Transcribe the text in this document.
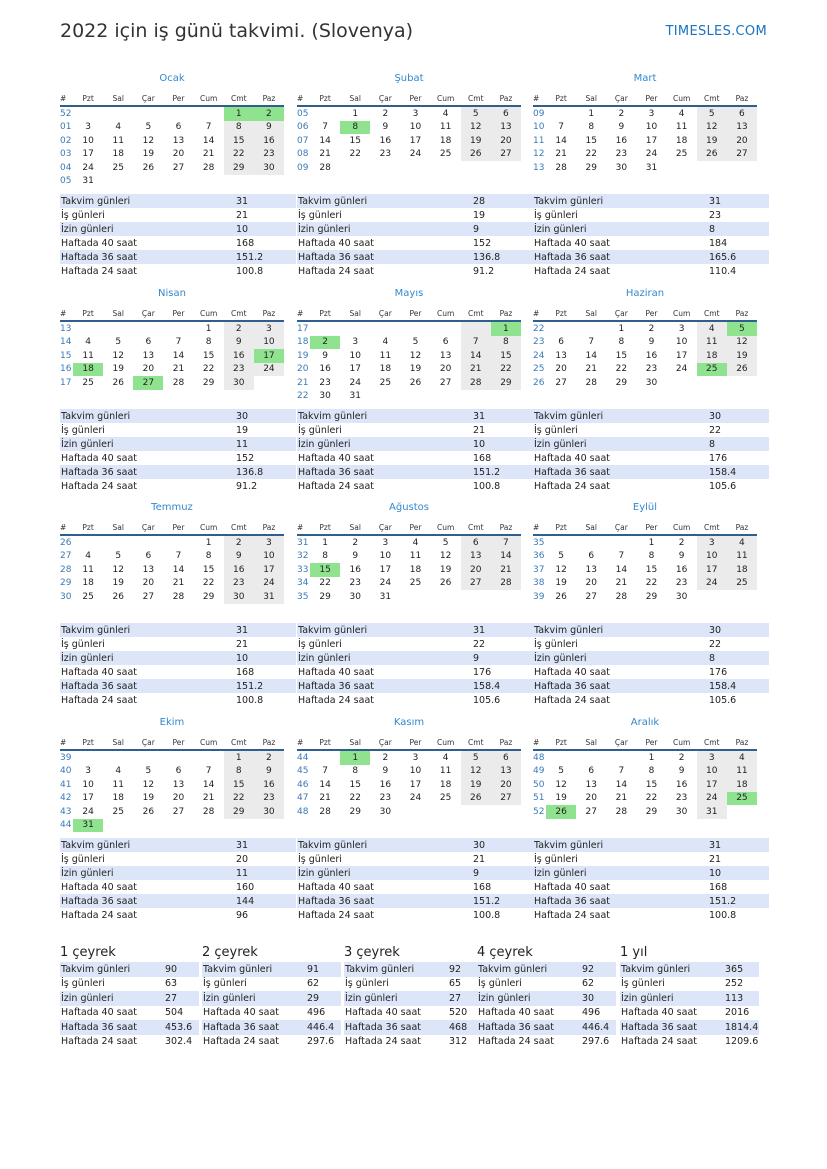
2022 için iş günü takvimi. (Slovenya)	TIMESLES.COM
Ocak
#	Pzt	Sal	Çar	Per	Cum	Cmt	Paz
52						1	2
01	3	4	5	6	7	8	9
02	10	11	12	13	14	15	16
03	17	18	19	20	21	22	23
04	24	25	26	27	28	29	30
05	31						
Takvim günleri	31
İş günleri	21
İzin günleri	10
Haftada 40 saat	168
Haftada 36 saat	151.2
Haftada 24 saat	100.8
Şubat
#	Pzt	Sal	Çar	Per	Cum	Cmt	Paz
05		1	2	3	4	5	6
06	7	8	9	10	11	12	13
07	14	15	16	17	18	19	20
08	21	22	23	24	25	26	27
09	28						
Takvim günleri	28
İş günleri	19
İzin günleri	9
Haftada 40 saat	152
Haftada 36 saat	136.8
Haftada 24 saat	91.2
Mart
#	Pzt	Sal	Çar	Per	Cum	Cmt	Paz
09		1	2	3	4	5	6
10	7	8	9	10	11	12	13
11	14	15	16	17	18	19	20
12	21	22	23	24	25	26	27
13	28	29	30	31			
Takvim günleri	31
İş günleri	23
İzin günleri	8
Haftada 40 saat	184
Haftada 36 saat	165.6
Haftada 24 saat	110.4
Nisan
#	Pzt	Sal	Çar	Per	Cum	Cmt	Paz
13					1	2	3
14	4	5	6	7	8	9	10
15	11	12	13	14	15	16	17
16	18	19	20	21	22	23	24
17	25	26	27	28	29	30	
Takvim günleri	30
İş günleri	19
İzin günleri	11
Haftada 40 saat	152
Haftada 36 saat	136.8
Haftada 24 saat	91.2
Mayıs
#	Pzt	Sal	Çar	Per	Cum	Cmt	Paz
17							1
18	2	3	4	5	6	7	8
19	9	10	11	12	13	14	15
20	16	17	18	19	20	21	22
21	23	24	25	26	27	28	29
22	30	31					
Takvim günleri	31
İş günleri	21
İzin günleri	10
Haftada 40 saat	168
Haftada 36 saat	151.2
Haftada 24 saat	100.8
Haziran
#	Pzt	Sal	Çar	Per	Cum	Cmt	Paz
22			1	2	3	4	5
23	6	7	8	9	10	11	12
24	13	14	15	16	17	18	19
25	20	21	22	23	24	25	26
26	27	28	29	30			
Takvim günleri	30
İş günleri	22
İzin günleri	8
Haftada 40 saat	176
Haftada 36 saat	158.4
Haftada 24 saat	105.6
Temmuz
#	Pzt	Sal	Çar	Per	Cum	Cmt	Paz
26					1	2	3
27	4	5	6	7	8	9	10
28	11	12	13	14	15	16	17
29	18	19	20	21	22	23	24
30	25	26	27	28	29	30	31
Takvim günleri	31
İş günleri	21
İzin günleri	10
Haftada 40 saat	168
Haftada 36 saat	151.2
Haftada 24 saat	100.8
Ağustos
#	Pzt	Sal	Çar	Per	Cum	Cmt	Paz
31	1	2	3	4	5	6	7
32	8	9	10	11	12	13	14
33	15	16	17	18	19	20	21
34	22	23	24	25	26	27	28
35	29	30	31				
Takvim günleri	31
İş günleri	22
İzin günleri	9
Haftada 40 saat	176
Haftada 36 saat	158.4
Haftada 24 saat	105.6
Eylül
#	Pzt	Sal	Çar	Per	Cum	Cmt	Paz
35				1	2	3	4
36	5	6	7	8	9	10	11
37	12	13	14	15	16	17	18
38	19	20	21	22	23	24	25
39	26	27	28	29	30		
Takvim günleri	30
İş günleri	22
İzin günleri	8
Haftada 40 saat	176
Haftada 36 saat	158.4
Haftada 24 saat	105.6
Ekim
#	Pzt	Sal	Çar	Per	Cum	Cmt	Paz
39						1	2
40	3	4	5	6	7	8	9
41	10	11	12	13	14	15	16
42	17	18	19	20	21	22	23
43	24	25	26	27	28	29	30
44	31						
Takvim günleri	31
İş günleri	20
İzin günleri	11
Haftada 40 saat	160
Haftada 36 saat	144
Haftada 24 saat	96
Kasım
#	Pzt	Sal	Çar	Per	Cum	Cmt	Paz
44		1	2	3	4	5	6
45	7	8	9	10	11	12	13
46	14	15	16	17	18	19	20
47	21	22	23	24	25	26	27
48	28	29	30				
Takvim günleri	30
İş günleri	21
İzin günleri	9
Haftada 40 saat	168
Haftada 36 saat	151.2
Haftada 24 saat	100.8
Aralık
#	Pzt	Sal	Çar	Per	Cum	Cmt	Paz
48				1	2	3	4
49	5	6	7	8	9	10	11
50	12	13	14	15	16	17	18
51	19	20	21	22	23	24	25
52	26	27	28	29	30	31	
Takvim günleri	31
İş günleri	21
İzin günleri	10
Haftada 40 saat	168
Haftada 36 saat	151.2
Haftada 24 saat	100.8
1 çeyrek
Takvim günleri	90
İş günleri	63
İzin günleri	27
Haftada 40 saat	504
Haftada 36 saat	453.6
Haftada 24 saat	302.4
2 çeyrek
Takvim günleri	91
İş günleri	62
İzin günleri	29
Haftada 40 saat	496
Haftada 36 saat	446.4
Haftada 24 saat	297.6
3 çeyrek
Takvim günleri	92
İş günleri	65
İzin günleri	27
Haftada 40 saat	520
Haftada 36 saat	468
Haftada 24 saat	312
4 çeyrek
Takvim günleri	92
İş günleri	62
İzin günleri	30
Haftada 40 saat	496
Haftada 36 saat	446.4
Haftada 24 saat	297.6
1 yıl
Takvim günleri	365
İş günleri	252
İzin günleri	113
Haftada 40 saat	2016
Haftada 36 saat	1814.4
Haftada 24 saat	1209.6
